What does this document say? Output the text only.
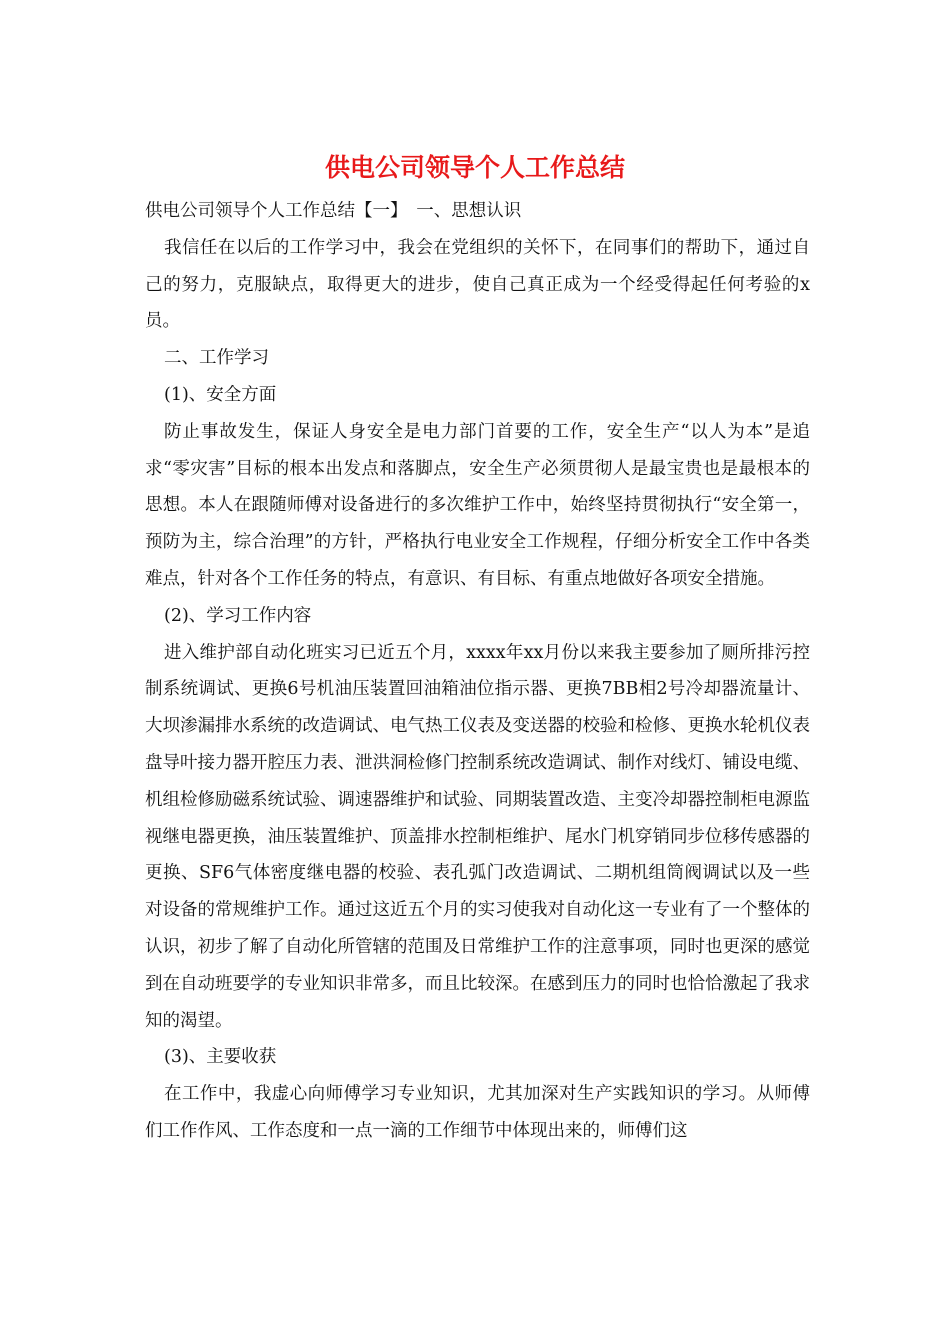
供电公司领导个人工作总结

供电公司领导个人工作总结【一】　一、思想认识

我信任在以后的工作学习中，我会在党组织的关怀下，在同事们的帮助下，通过自己的努力，克服缺点，取得更大的进步，使自己真正成为一个经受得起任何考验的x员。

二、工作学习

(1)、安全方面

防止事故发生，保证人身安全是电力部门首要的工作，安全生产“以人为本”是追求“零灾害”目标的根本出发点和落脚点，安全生产必须贯彻人是最宝贵也是最根本的思想。本人在跟随师傅对设备进行的多次维护工作中，始终坚持贯彻执行“安全第一，预防为主，综合治理”的方针，严格执行电业安全工作规程，仔细分析安全工作中各类难点，针对各个工作任务的特点，有意识、有目标、有重点地做好各项安全措施。

(2)、学习工作内容

进入维护部自动化班实习已近五个月，xxxx年xx月份以来我主要参加了厕所排污控制系统调试、更换6号机油压装置回油箱油位指示器、更换7BB相2号冷却器流量计、大坝渗漏排水系统的改造调试、电气热工仪表及变送器的校验和检修、更换水轮机仪表盘导叶接力器开腔压力表、泄洪洞检修门控制系统改造调试、制作对线灯、铺设电缆、机组检修励磁系统试验、调速器维护和试验、同期装置改造、主变冷却器控制柜电源监视继电器更换，油压装置维护、顶盖排水控制柜维护、尾水门机穿销同步位移传感器的更换、SF6气体密度继电器的校验、表孔弧门改造调试、二期机组筒阀调试以及一些对设备的常规维护工作。通过这近五个月的实习使我对自动化这一专业有了一个整体的认识，初步了解了自动化所管辖的范围及日常维护工作的注意事项，同时也更深的感觉到在自动班要学的专业知识非常多，而且比较深。在感到压力的同时也恰恰激起了我求知的渴望。

(3)、主要收获

在工作中，我虚心向师傅学习专业知识，尤其加深对生产实践知识的学习。从师傅们工作作风、工作态度和一点一滴的工作细节中体现出来的，师傅们这
